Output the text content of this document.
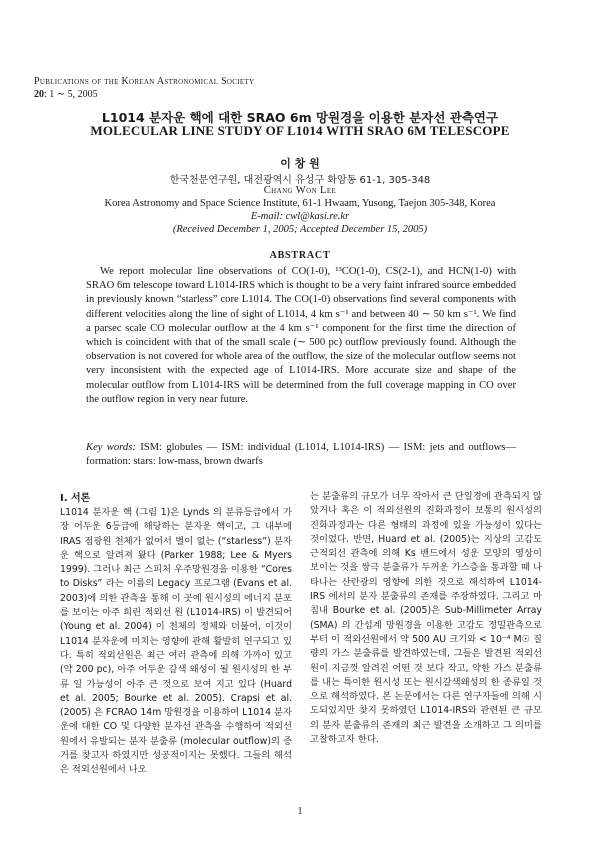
Publications of the Korean Astronomical Society
20: 1 ∼ 5, 2005
L1014 분자운 핵에 대한 SRAO 6m 망원경을 이용한 분자선 관측연구
MOLECULAR LINE STUDY OF L1014 WITH SRAO 6M TELESCOPE
이 창 원
한국천문연구원, 대전광역시 유성구 화암동 61-1, 305-348
Chang Won Lee
Korea Astronomy and Space Science Institute, 61-1 Hwaam, Yusong, Taejon 305-348, Korea
E-mail: cwl@kasi.re.kr
(Received December 1, 2005; Accepted December 15, 2005)
ABSTRACT

We report molecular line observations of CO(1-0), ¹³CO(1-0), CS(2-1), and HCN(1-0) with SRAO 6m telescope toward L1014-IRS which is thought to be a very faint infrared source embedded in previously known “starless” core L1014. The CO(1-0) observations find several components with different velocities along the line of sight of L1014, 4 km s⁻¹ and between 40 ∼ 50 km s⁻¹. We find a parsec scale CO molecular outflow at the 4 km s⁻¹ component for the first time the direction of which is coincident with that of the small scale (∼ 500 pc) outflow previously found. Although the observation is not covered for whole area of the outflow, the size of the molecular outflow seems not very inconsistent with the expected age of L1014-IRS. More accurate size and shape of the molecular outflow from L1014-IRS will be determined from the full coverage mapping in CO over the outflow region in very near future.

Key words: ISM: globules — ISM: individual (L1014, L1014-IRS) — ISM: jets and outflows—formation: stars: low-mass, brown dwarfs

I. 서론

L1014 분자운 핵 (그림 1)은 Lynds 의 분류등급에서 가장 어두운 6등급에 해당하는 분자운 핵이고, 그 내부에 IRAS 점광원 천체가 없어서 별이 없는 (“starless”) 분자운 핵으로 알려져 왔다 (Parker 1988; Lee & Myers 1999). 그러나 최근 스피처 우주망원경을 이용한 “Cores to Disks” 라는 이름의 Legacy 프로그램 (Evans et al. 2003)에 의한 관측을 통해 이 곳에 원시성의 에너지 분포를 보이는 아주 희린 적외선 원 (L1014-IRS) 이 발견되어 (Young et al. 2004) 이 천체의 정체와 더불어, 이것이 L1014 분자운에 미치는 영향에 관해 활발히 연구되고 있다. 특히 적외선원은 최근 여러 관측에 의해 가까이 있고 (약 200 pc), 아주 어두운 갈색 왜성이 될 원시성의 한 부류 일 가능성이 아주 큰 것으로 보여 지고 있다 (Huard et al. 2005; Bourke et al. 2005). Crapsi et al. (2005) 은 FCRAO 14m 망원경을 이용하여 L1014 분자운에 대한 CO 및 다양한 분자선 관측을 수행하여 적외선원에서 유발되는 분자 분출류 (molecular outflow)의 증거를 찾고자 하였지만 성공적이지는 못했다. 그들의 해석은 적외선원에서 나오

는 분출류의 규모가 너무 작아서 큰 단일경에 관측되지 않았거나 혹은 이 적외선원의 진화과정이 보통의 원시성의 진화과정과는 다른 형태의 과정에 있을 가능성이 있다는 것이었다. 반면, Huard et al. (2005)는 지상의 고감도 근적외선 관측에 의해 Ks 밴드에서 성운 모양의 영상이 보이는 것을 쌍극 분출류가 두꺼운 가스층을 통과할 때 나타나는 산란광의 영향에 의한 것으로 해석하여 L1014-IRS 에서의 분자 분출류의 존재를 주장하였다. 그리고 마침내 Bourke et al. (2005)은 Sub-Millimeter Array (SMA) 의 간섭계 망원경을 이용한 고감도 정밀관측으로부터 이 적외선원에서 약 500 AU 크기와 < 10⁻⁴ M☉ 질량의 가스 분출류를 발견하였는데, 그들은 발견된 적외선원이 지금껏 알려진 어떤 것 보다 작고, 약한 가스 분출류를 내는 특이한 원시성 또는 원시갈색왜성의 한 종류일 것으로 해석하였다. 본 논문에서는 다른 연구자들에 의해 시도되었지만 찾지 못하였던 L1014-IRS와 관련된 큰 규모의 분자 분출류의 존재의 최근 발견을 소개하고 그 의미를 고찰하고자 한다.

1
